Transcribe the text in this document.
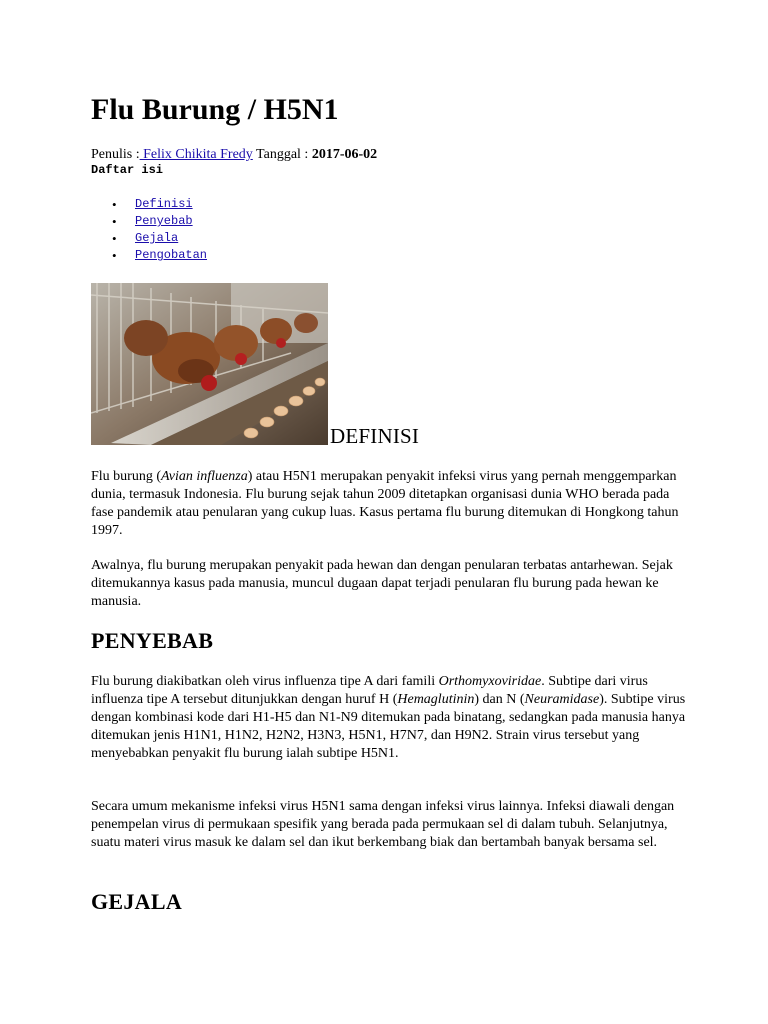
Flu Burung / H5N1
Penulis : Felix Chikita Fredy Tanggal : 2017-06-02
Daftar isi
• Definisi
• Penyebab
• Gejala
• Pengobatan
DEFINISI

Flu burung (Avian influenza) atau H5N1 merupakan penyakit infeksi virus yang pernah menggemparkan dunia, termasuk Indonesia. Flu burung sejak tahun 2009 ditetapkan organisasi dunia WHO berada pada fase pandemik atau penularan yang cukup luas. Kasus pertama flu burung ditemukan di Hongkong tahun 1997.

Awalnya, flu burung merupakan penyakit pada hewan dan dengan penularan terbatas antarhewan. Sejak ditemukannya kasus pada manusia, muncul dugaan dapat terjadi penularan flu burung pada hewan ke manusia.

PENYEBAB

Flu burung diakibatkan oleh virus influenza tipe A dari famili Orthomyxoviridae. Subtipe dari virus influenza tipe A tersebut ditunjukkan dengan huruf H (Hemaglutinin) dan N (Neuramidase). Subtipe virus dengan kombinasi kode dari H1-H5 dan N1-N9 ditemukan pada binatang, sedangkan pada manusia hanya ditemukan jenis H1N1, H1N2, H2N2, H3N3, H5N1, H7N7, dan H9N2. Strain virus tersebut yang menyebabkan penyakit flu burung ialah subtipe H5N1.

Secara umum mekanisme infeksi virus H5N1 sama dengan infeksi virus lainnya. Infeksi diawali dengan penempelan virus di permukaan spesifik yang berada pada permukaan sel di dalam tubuh. Selanjutnya, suatu materi virus masuk ke dalam sel dan ikut berkembang biak dan bertambah banyak bersama sel.

GEJALA
